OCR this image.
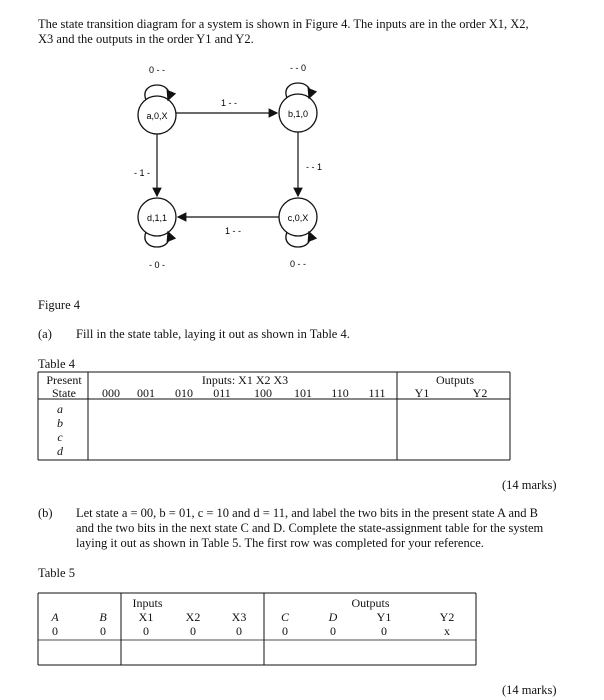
The state transition diagram for a system is shown in Figure 4. The inputs are in the order X1, X2,
X3 and the outputs in the order Y1 and Y2.
a,0,X
0 - -
b,1,0
- - 0
c,0,X
0 - -
d,1,1
- 0 -
1 - -
- 1 -
- - 1
1 - -
Figure 4
(a) Fill in the state table, laying it out as shown in Table 4.
Table 4
Present
State
Inputs: X1 X2 X3
000	001	010	011	100	101	110	111
Outputs
Y1	Y2
a
b
c
d
(14 marks)
(b) Let state a = 00, b = 01, c = 10 and d = 11, and label the two bits in the present state A and B
and the two bits in the next state C and D. Complete the state-assignment table for the system
laying it out as shown in Table 5. The first row was completed for your reference.
Table 5
Inputs	Outputs
A	B	X1	X2	X3	C	D	Y1	Y2
0	0	0	0	0	0	0	0	x
(14 marks)
